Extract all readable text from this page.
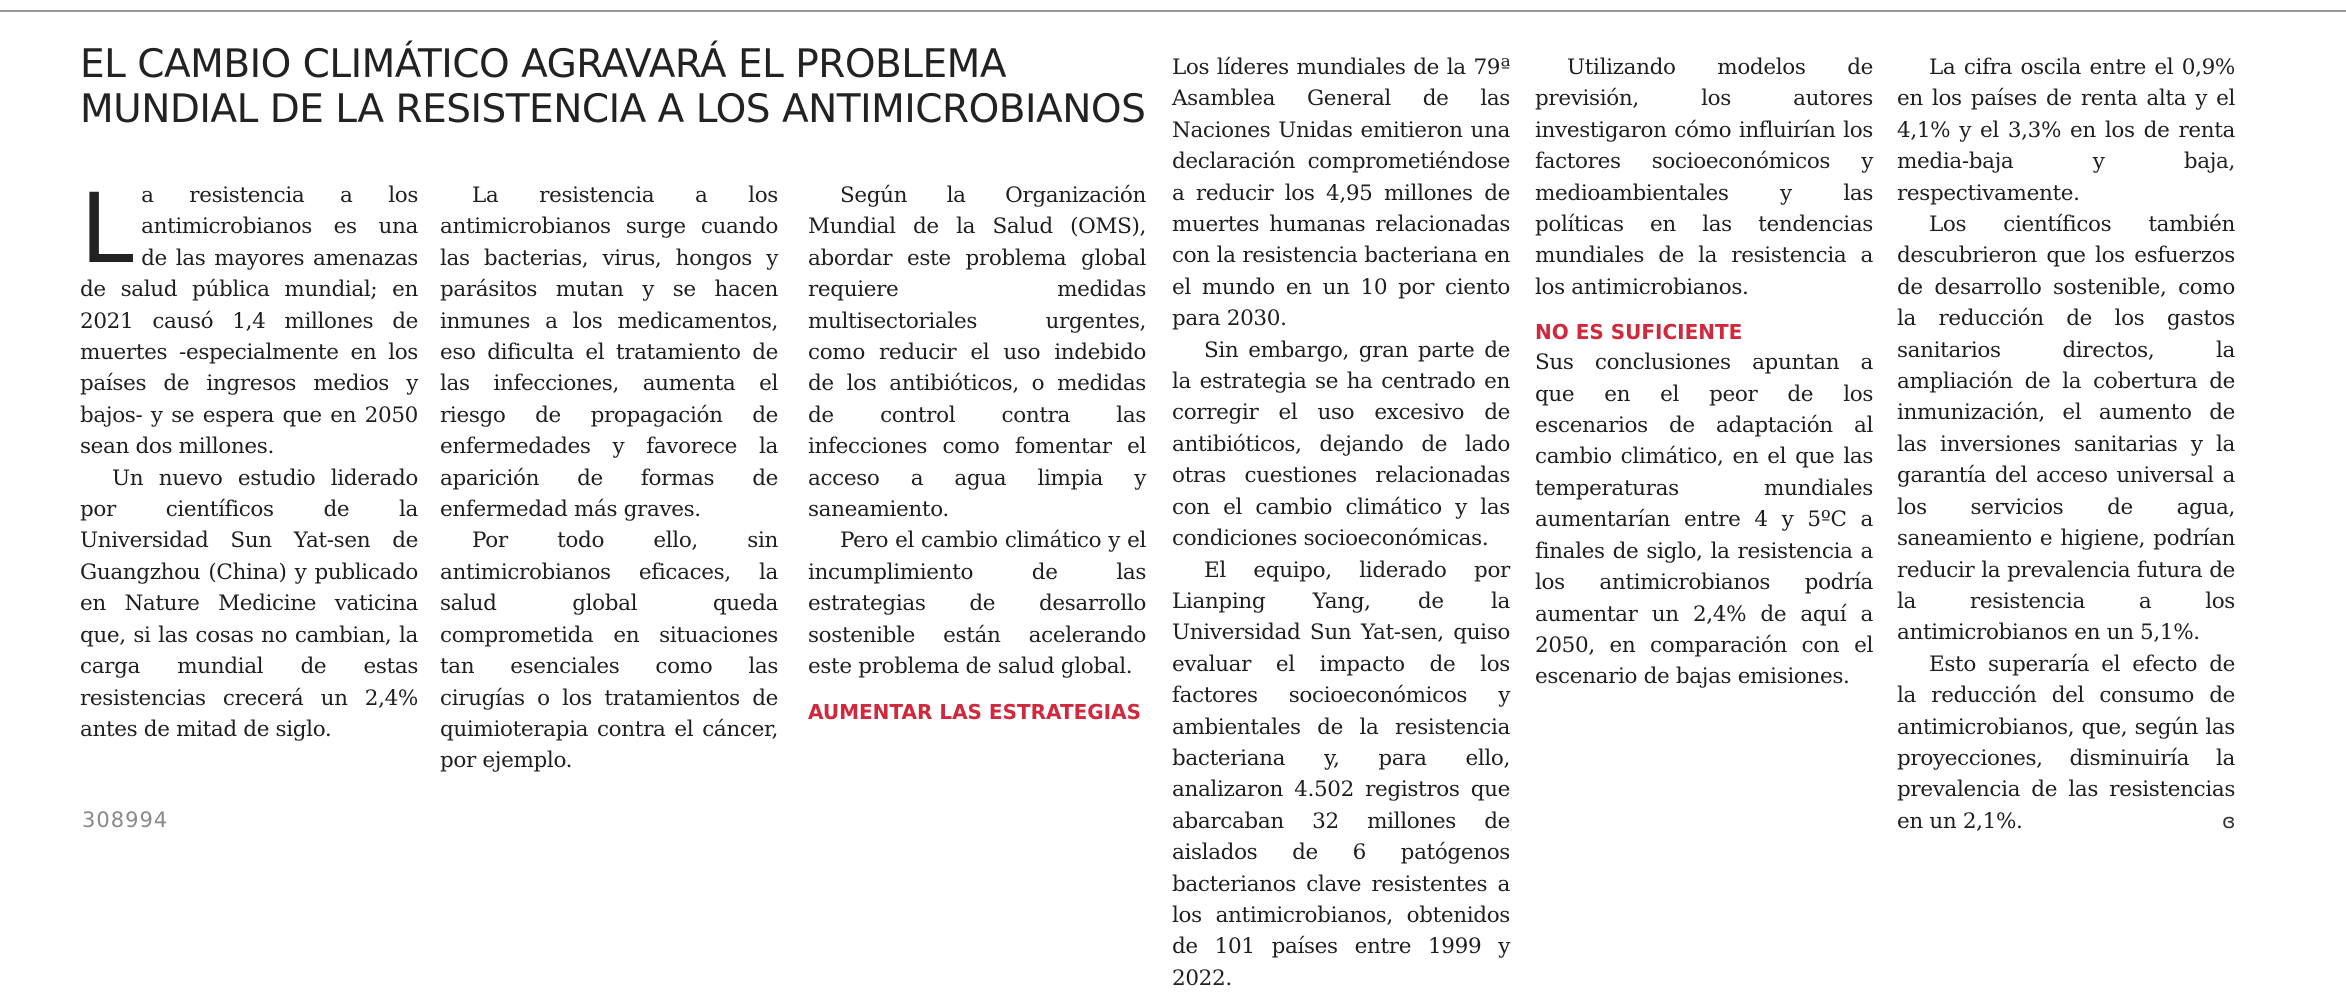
EL CAMBIO CLIMÁTICO AGRAVARÁ EL PROBLEMA
MUNDIAL DE LA RESISTENCIA A LOS ANTIMICROBIANOS

La resistencia a los antimicrobianos es una de las mayores amenazas de salud pública mundial; en 2021 causó 1,4 millones de muertes -especialmente en los países de ingresos medios y bajos- y se espera que en 2050 sean dos millones.

Un nuevo estudio liderado por científicos de la Universidad Sun Yat-sen de Guangzhou (China) y publicado en Nature Medicine vaticina que, si las cosas no cambian, la carga mundial de estas resistencias crecerá un 2,4% antes de mitad de siglo.

La resistencia a los antimicrobianos surge cuando las bacterias, virus, hongos y parásitos mutan y se hacen inmunes a los medicamentos, eso dificulta el tratamiento de las infecciones, aumenta el riesgo de propagación de enfermedades y favorece la aparición de formas de enfermedad más graves.

Por todo ello, sin antimicrobianos eficaces, la salud global queda comprometida en situaciones tan esenciales como las cirugías o los tratamientos de quimioterapia contra el cáncer, por ejemplo.

Según la Organización Mundial de la Salud (OMS), abordar este problema global requiere medidas multisectoriales urgentes, como reducir el uso indebido de los antibióticos, o medidas de control contra las infecciones como fomentar el acceso a agua limpia y saneamiento.

Pero el cambio climático y el incumplimiento de las estrategias de desarrollo sostenible están acelerando este problema de salud global.

AUMENTAR LAS ESTRATEGIAS

Los líderes mundiales de la 79ª Asamblea General de las Naciones Unidas emitieron una declaración comprometiéndose a reducir los 4,95 millones de muertes humanas relacionadas con la resistencia bacteriana en el mundo en un 10 por ciento para 2030.

Sin embargo, gran parte de la estrategia se ha centrado en corregir el uso excesivo de antibióticos, dejando de lado otras cuestiones relacionadas con el cambio climático y las condiciones socioeconómicas.

El equipo, liderado por Lianping Yang, de la Universidad Sun Yat-sen, quiso evaluar el impacto de los factores socioeconómicos y ambientales de la resistencia bacteriana y, para ello, analizaron 4.502 registros que abarcaban 32 millones de aislados de 6 patógenos bacterianos clave resistentes a los antimicrobianos, obtenidos de 101 países entre 1999 y 2022.

Utilizando modelos de previsión, los autores investigaron cómo influirían los factores socioeconómicos y medioambientales y las políticas en las tendencias mundiales de la resistencia a los antimicrobianos.

NO ES SUFICIENTE

Sus conclusiones apuntan a que en el peor de los escenarios de adaptación al cambio climático, en el que las temperaturas mundiales aumentarían entre 4 y 5ºC a finales de siglo, la resistencia a los antimicrobianos podría aumentar un 2,4% de aquí a 2050, en comparación con el escenario de bajas emisiones.

La cifra oscila entre el 0,9% en los países de renta alta y el 4,1% y el 3,3% en los de renta media-baja y baja, respectivamente.

Los científicos también descubrieron que los esfuerzos de desarrollo sostenible, como la reducción de los gastos sanitarios directos, la ampliación de la cobertura de inmunización, el aumento de las inversiones sanitarias y la garantía del acceso universal a los servicios de agua, saneamiento e higiene, podrían reducir la prevalencia futura de la resistencia a los antimicrobianos en un 5,1%.

Esto superaría el efecto de la reducción del consumo de antimicrobianos, que, según las proyecciones, disminuiría la prevalencia de las resistencias en un 2,1%.	ɞ

308994
